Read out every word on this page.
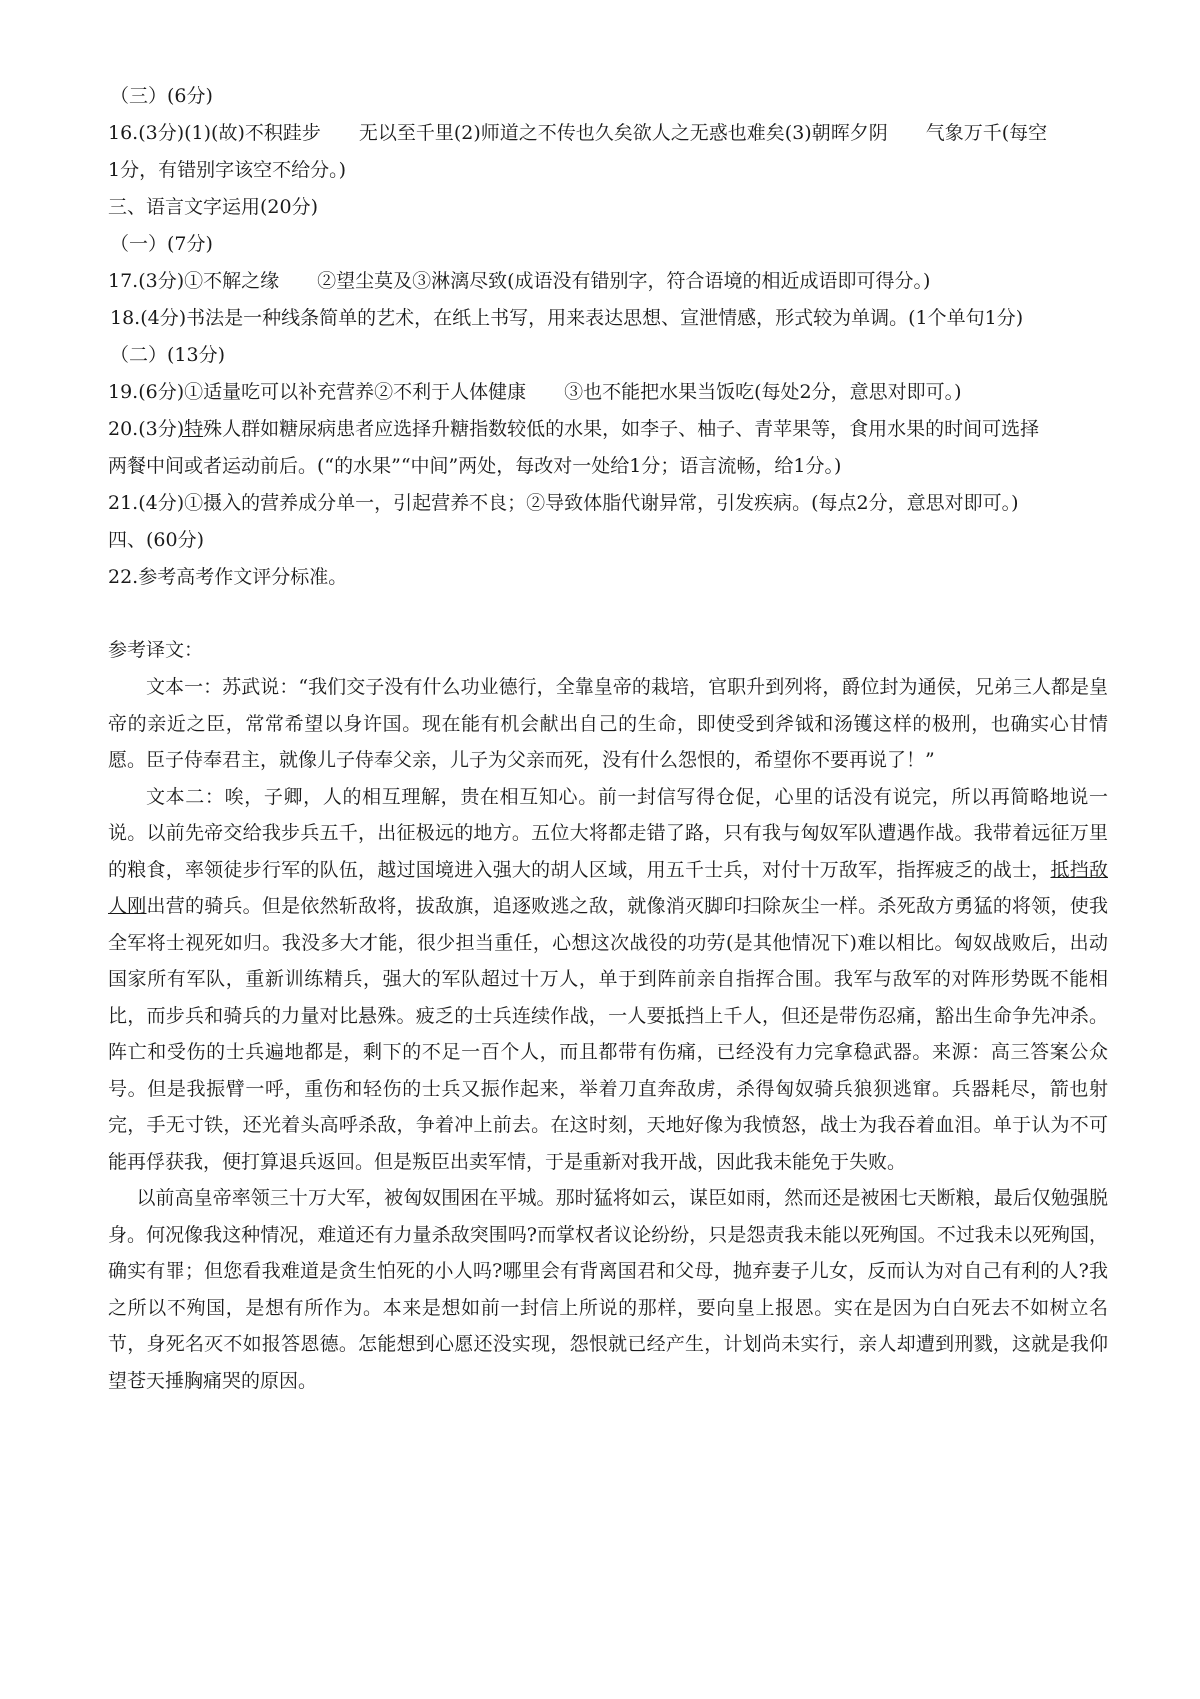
（三）(6分)
16.(3分)(1)(故)不积跬步　　无以至千里(2)师道之不传也久矣欲人之无惑也难矣(3)朝晖夕阴　　气象万千(每空
1分，有错别字该空不给分。)
三、语言文字运用(20分)
（一）(7分)
17.(3分)①不解之缘　　②望尘莫及③淋漓尽致(成语没有错别字，符合语境的相近成语即可得分。)
18.(4分)书法是一种线条简单的艺术，在纸上书写，用来表达思想、宣泄情感，形式较为单调。(1个单句1分)
（二）(13分)
19.(6分)①适量吃可以补充营养②不利于人体健康　　③也不能把水果当饭吃(每处2分，意思对即可。)
20.(3分)特殊人群如糖尿病患者应选择升糖指数较低的水果，如李子、柚子、青苹果等，食用水果的时间可选择
两餐中间或者运动前后。(“的水果”“中间”两处，每改对一处给1分；语言流畅，给1分。)
21.(4分)①摄入的营养成分单一，引起营养不良；②导致体脂代谢异常，引发疾病。(每点2分，意思对即可。)
四、(60分)
22.参考高考作文评分标准。
参考译文：

文本一：苏武说：“我们交子没有什么功业德行，全靠皇帝的栽培，官职升到列将，爵位封为通侯，兄弟三人都是皇帝的亲近之臣，常常希望以身许国。现在能有机会献出自己的生命，即使受到斧钺和汤镬这样的极刑，也确实心甘情愿。臣子侍奉君主，就像儿子侍奉父亲，儿子为父亲而死，没有什么怨恨的，希望你不要再说了！”

文本二：唉，子卿，人的相互理解，贵在相互知心。前一封信写得仓促，心里的话没有说完，所以再简略地说一说。以前先帝交给我步兵五千，出征极远的地方。五位大将都走错了路，只有我与匈奴军队遭遇作战。我带着远征万里的粮食，率领徒步行军的队伍，越过国境进入强大的胡人区域，用五千士兵，对付十万敌军，指挥疲乏的战士，抵挡敌人刚出营的骑兵。但是依然斩敌将，拔敌旗，追逐败逃之敌，就像消灭脚印扫除灰尘一样。杀死敌方勇猛的将领，使我全军将士视死如归。我没多大才能，很少担当重任，心想这次战役的功劳(是其他情况下)难以相比。匈奴战败后，出动国家所有军队，重新训练精兵，强大的军队超过十万人，单于到阵前亲自指挥合围。我军与敌军的对阵形势既不能相比，而步兵和骑兵的力量对比悬殊。疲乏的士兵连续作战，一人要抵挡上千人，但还是带伤忍痛，豁出生命争先冲杀。阵亡和受伤的士兵遍地都是，剩下的不足一百个人，而且都带有伤痛，已经没有力完拿稳武器。来源：高三答案公众号。但是我振臂一呼，重伤和轻伤的士兵又振作起来，举着刀直奔敌虏，杀得匈奴骑兵狼狈逃窜。兵器耗尽，箭也射完，手无寸铁，还光着头高呼杀敌，争着冲上前去。在这时刻，天地好像为我愤怒，战士为我吞着血泪。单于认为不可能再俘获我，便打算退兵返回。但是叛臣出卖军情，于是重新对我开战，因此我未能免于失败。

以前高皇帝率领三十万大军，被匈奴围困在平城。那时猛将如云，谋臣如雨，然而还是被困七天断粮，最后仅勉强脱身。何况像我这种情况，难道还有力量杀敌突围吗?而掌权者议论纷纷，只是怨责我未能以死殉国。不过我未以死殉国，确实有罪；但您看我难道是贪生怕死的小人吗?哪里会有背离国君和父母，抛弃妻子儿女，反而认为对自己有利的人?我之所以不殉国，是想有所作为。本来是想如前一封信上所说的那样，要向皇上报恩。实在是因为白白死去不如树立名节，身死名灭不如报答恩德。怎能想到心愿还没实现，怨恨就已经产生，计划尚未实行，亲人却遭到刑戮，这就是我仰望苍天捶胸痛哭的原因。
